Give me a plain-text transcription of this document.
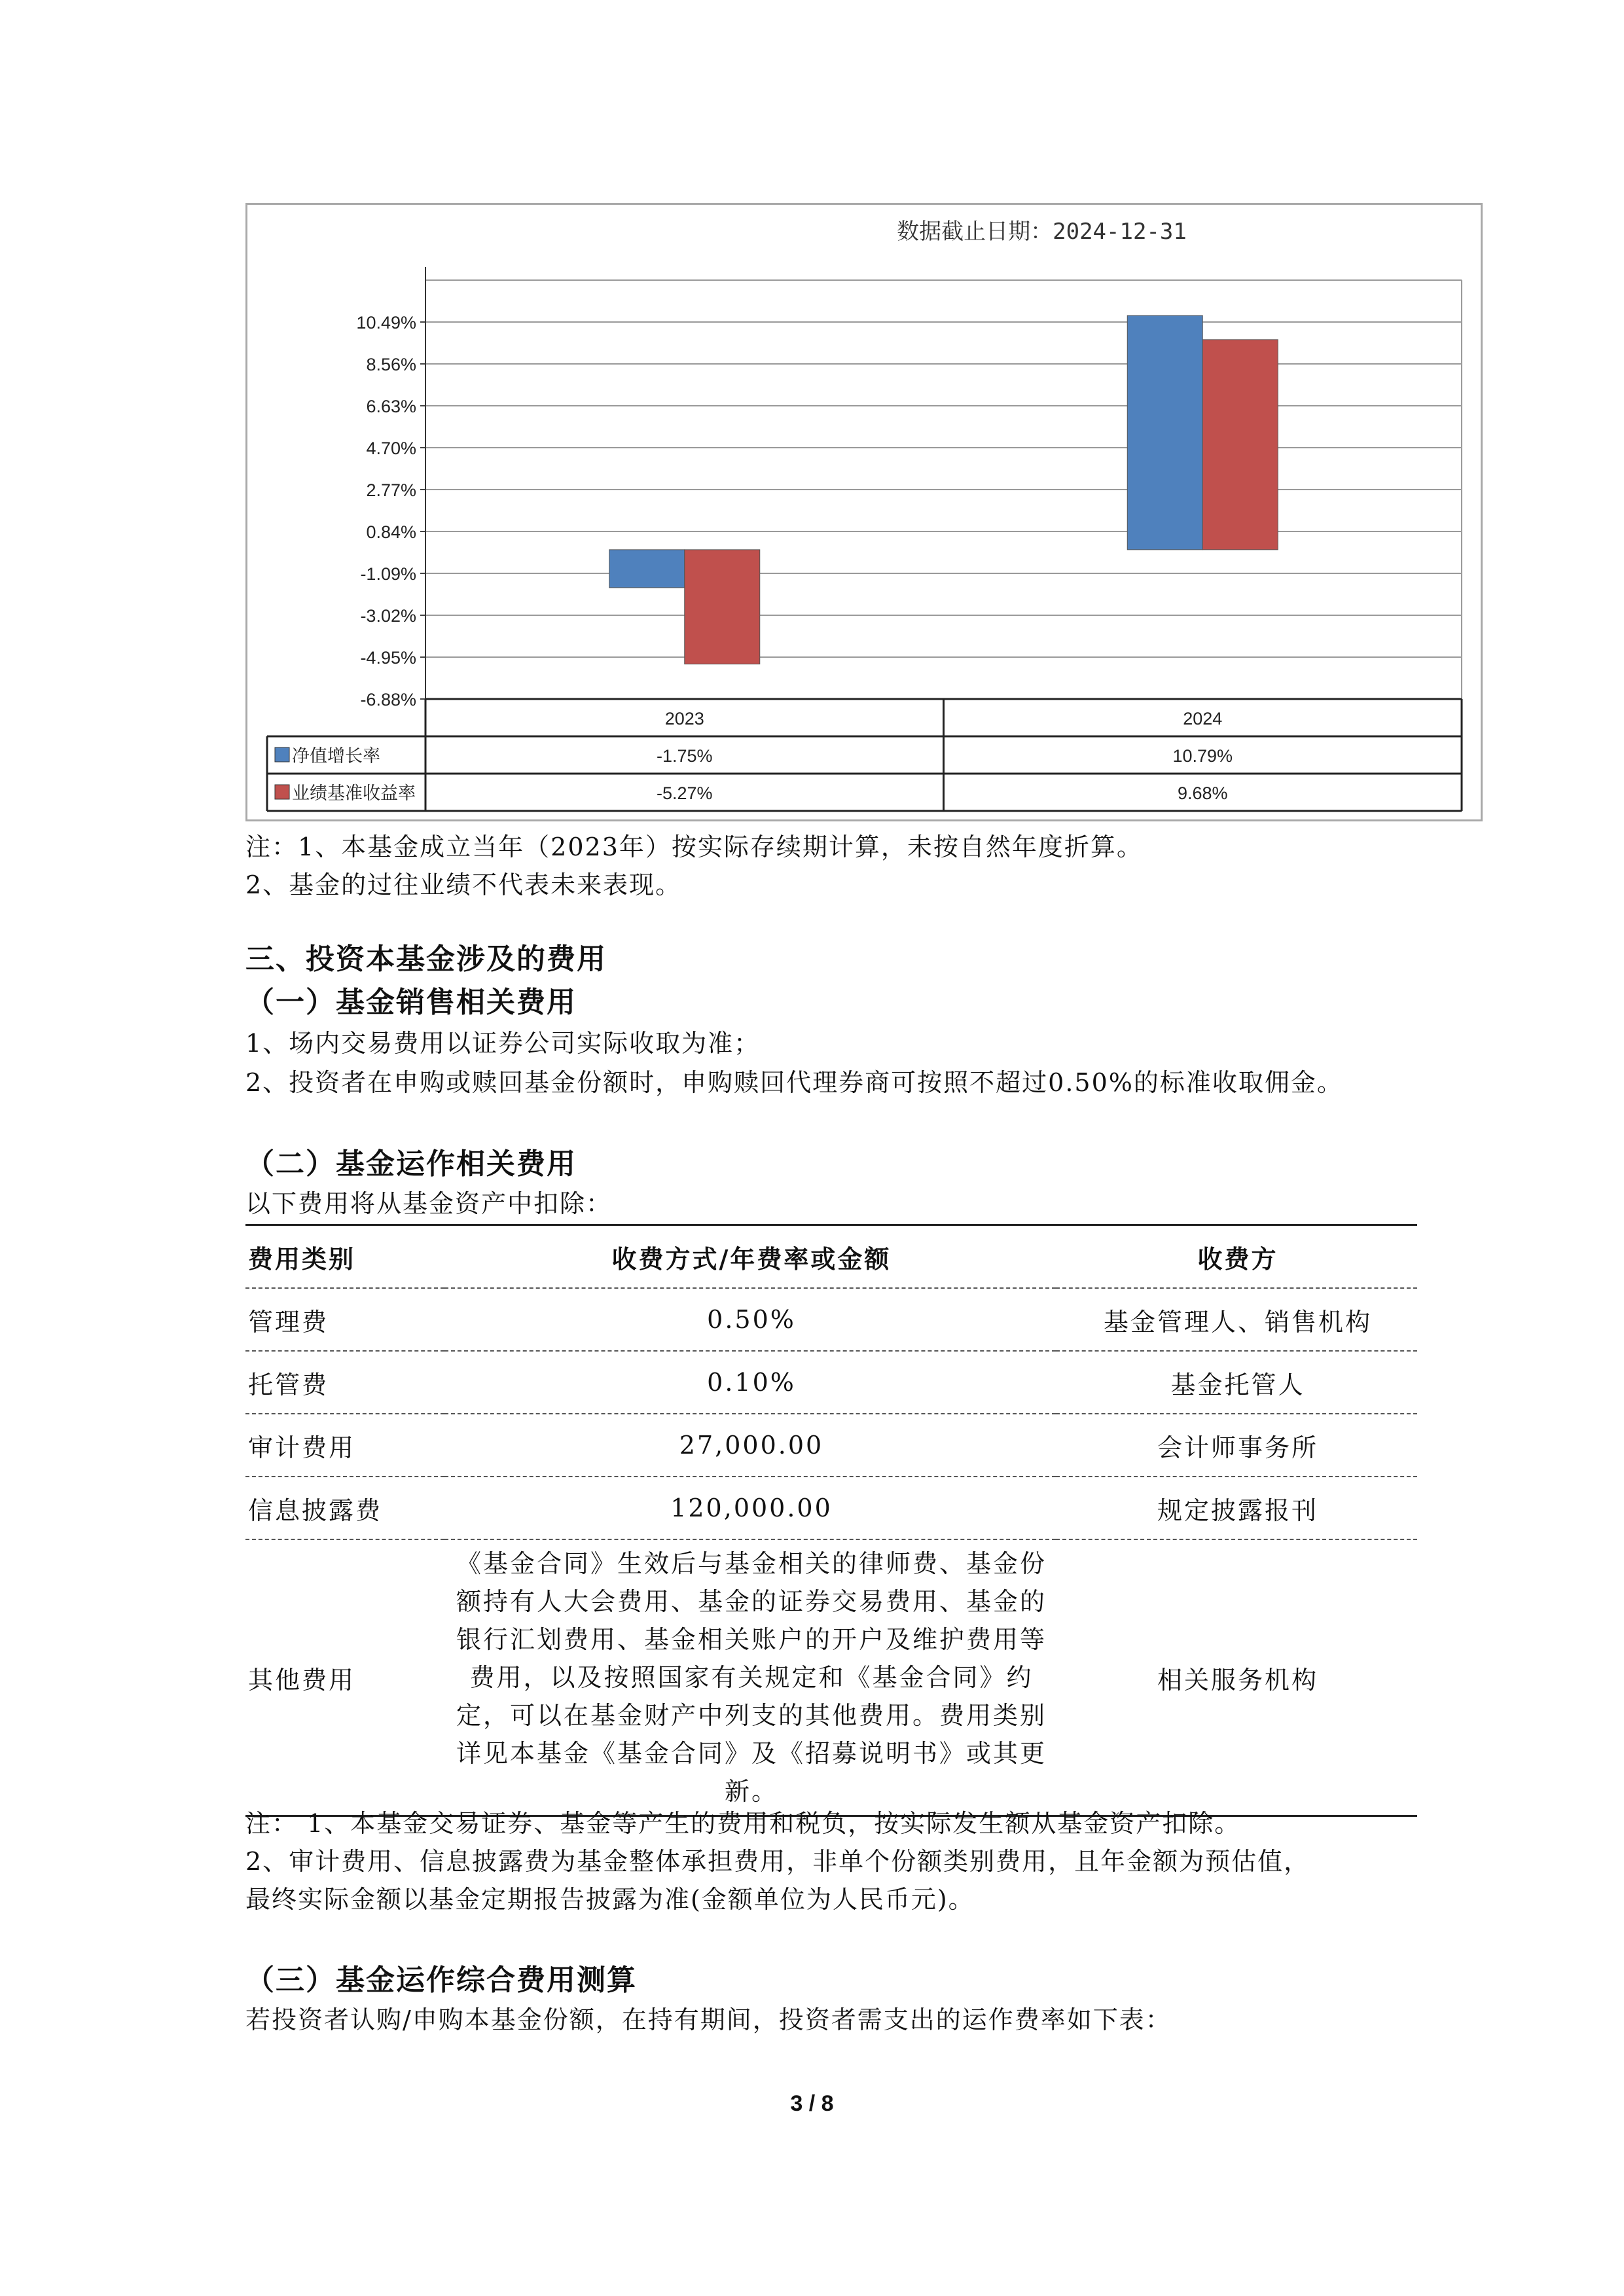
数据截止日期：2024-12-31
10.49%
8.56%
6.63%
4.70%
2.77%
0.84%
-1.09%
-3.02%
-4.95%
-6.88%
2023	2024
净值增长率	-1.75%	10.79%
业绩基准收益率	-5.27%	9.68%
注：1、本基金成立当年（2023年）按实际存续期计算，未按自然年度折算。
2、基金的过往业绩不代表未来表现。
三、投资本基金涉及的费用
（一）基金销售相关费用
1、场内交易费用以证券公司实际收取为准；
2、投资者在申购或赎回基金份额时，申购赎回代理券商可按照不超过0.50%的标准收取佣金。
（二）基金运作相关费用
以下费用将从基金资产中扣除：
费用类别	收费方式/年费率或金额	收费方
管理费	0.50%	基金管理人、销售机构
托管费	0.10%	基金托管人
审计费用	27,000.00	会计师事务所
信息披露费	120,000.00	规定披露报刊
其他费用	《基金合同》生效后与基金相关的律师费、基金份额持有人大会费用、基金的证券交易费用、基金的银行汇划费用、基金相关账户的开户及维护费用等费用，以及按照国家有关规定和《基金合同》约定，可以在基金财产中列支的其他费用。费用类别详见本基金《基金合同》及《招募说明书》或其更新。	相关服务机构
注： 1、本基金交易证券、基金等产生的费用和税负，按实际发生额从基金资产扣除。
2、审计费用、信息披露费为基金整体承担费用，非单个份额类别费用，且年金额为预估值，
最终实际金额以基金定期报告披露为准(金额单位为人民币元)。
（三）基金运作综合费用测算
若投资者认购/申购本基金份额，在持有期间，投资者需支出的运作费率如下表：
3 / 8
